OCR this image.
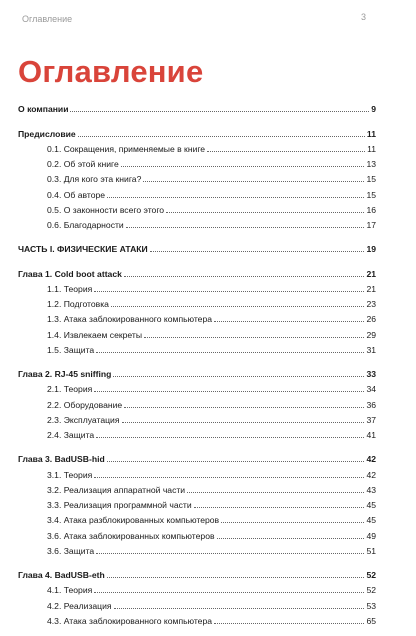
Оглавление	3
Оглавление
О компании	9
Предисловие	11
0.1. Сокращения, применяемые в книге	11
0.2. Об этой книге	13
0.3. Для кого эта книга?	15
0.4. Об авторе	15
0.5. О законности всего этого	16
0.6. Благодарности	17
ЧАСТЬ I. ФИЗИЧЕСКИЕ АТАКИ	19
Глава 1. Cold boot attack	21
1.1. Теория	21
1.2. Подготовка	23
1.3. Атака заблокированного компьютера	26
1.4. Извлекаем секреты	29
1.5. Защита	31
Глава 2. RJ-45 sniffing	33
2.1. Теория	34
2.2. Оборудование	36
2.3. Эксплуатация	37
2.4. Защита	41
Глава 3. BadUSB-hid	42
3.1. Теория	42
3.2. Реализация аппаратной части	43
3.3. Реализация программной части	45
3.4. Атака разблокированных компьютеров	45
3.6. Атака заблокированных компьютеров	49
3.6. Защита	51
Глава 4. BadUSB-eth	52
4.1. Теория	52
4.2. Реализация	53
4.3. Атака заблокированного компьютера	65
